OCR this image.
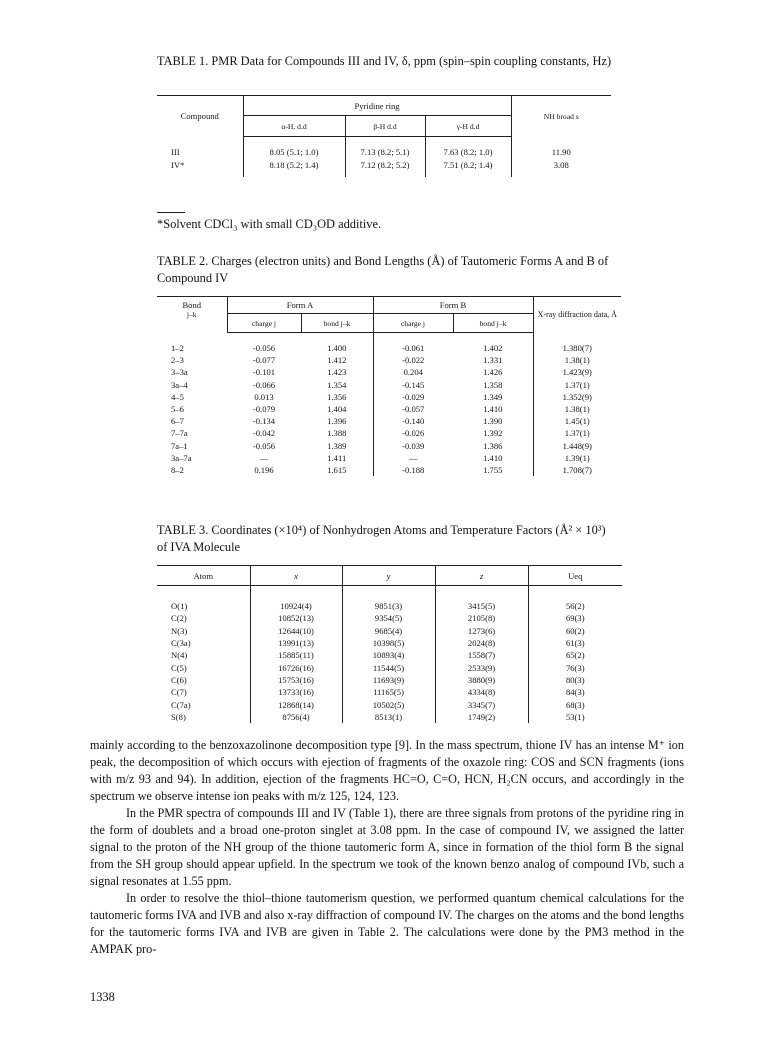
TABLE 1. PMR Data for Compounds III and IV, δ, ppm (spin–spin coupling constants, Hz)
Compound	Pyridine ring			NH broad s
	α-H, d.d	β-H d.d	γ-H d.d	

III	8.05 (5.1; 1.0)	7.13 (8.2; 5.1)	7.63 (8.2; 1.0)	11.90
IV*	8.18 (5.2; 1.4)	7.12 (8.2; 5.2)	7.51 (8.2; 1.4)	3.08

*Solvent CDCl₃ with small CD₃OD additive.
TABLE 2. Charges (electron units) and Bond Lengths (Å) of Tautomeric Forms A and B of Compound IV
Bond
j–k	Form A		Form B		X-ray diffraction data, Å
	charge j	bond j–k	charge j	bond j–k	

1–2	-0.056	1.400	-0.061	1.402	1.380(7)
2–3	-0.077	1.412	-0.022	1.331	1.38(1)
3–3a	-0.101	1.423	0.204	1.426	1.423(9)
3a–4	-0.066	1.354	-0.145	1.358	1.37(1)
4–5	0.013	1.356	-0.029	1.349	1.352(9)
5–6	-0.079	1.404	-0.057	1.410	1.38(1)
6–7	-0.134	1.396	-0.140	1.390	1.45(1)
7–7a	-0.042	1.388	-0.026	1.392	1.37(1)
7a–1	-0.056	1.389	-0.039	1.386	1.448(9)
3a–7a	—	1.411	—	1.410	1.39(1)
8–2	0.196	1.615	-0.188	1.755	1.708(7)
TABLE 3. Coordinates (×10⁴) of Nonhydrogen Atoms and Temperature Factors (Å² × 10³) of IVA Molecule
Atom	x	y	z	Ueq

O(1)	10924(4)	9851(3)	3415(5)	56(2)
C(2)	10852(13)	9354(5)	2105(8)	69(3)
N(3)	12644(10)	9685(4)	1273(6)	60(2)
C(3a)	13991(13)	10398(5)	2024(8)	61(3)
N(4)	15885(11)	10893(4)	1558(7)	65(2)
C(5)	16726(16)	11544(5)	2533(9)	76(3)
C(6)	15753(16)	11693(9)	3880(9)	80(3)
C(7)	13733(16)	11165(5)	4334(8)	84(3)
C(7a)	12868(14)	10502(5)	3345(7)	68(3)
S(8)	8756(4)	8513(1)	1749(2)	53(1)

mainly according to the benzoxazolinone decomposition type [9]. In the mass spectrum, thione IV has an intense M⁺ ion peak, the decomposition of which occurs with ejection of fragments of the oxazole ring: COS and SCN fragments (ions with m/z 93 and 94). In addition, ejection of the fragments HC=O, C=O, HCN, H₂CN occurs, and accordingly in the spectrum we observe intense ion peaks with m/z 125, 124, 123.

In the PMR spectra of compounds III and IV (Table 1), there are three signals from protons of the pyridine ring in the form of doublets and a broad one-proton singlet at 3.08 ppm. In the case of compound IV, we assigned the latter signal to the proton of the NH group of the thione tautomeric form A, since in formation of the thiol form B the signal from the SH group should appear upfield. In the spectrum we took of the known benzo analog of compound IVb, such a signal resonates at 1.55 ppm.

In order to resolve the thiol–thione tautomerism question, we performed quantum chemical calculations for the tautomeric forms IVA and IVB and also x-ray diffraction of compound IV. The charges on the atoms and the bond lengths for the tautomeric forms IVA and IVB are given in Table 2. The calculations were done by the PM3 method in the AMPAK pro-

1338
